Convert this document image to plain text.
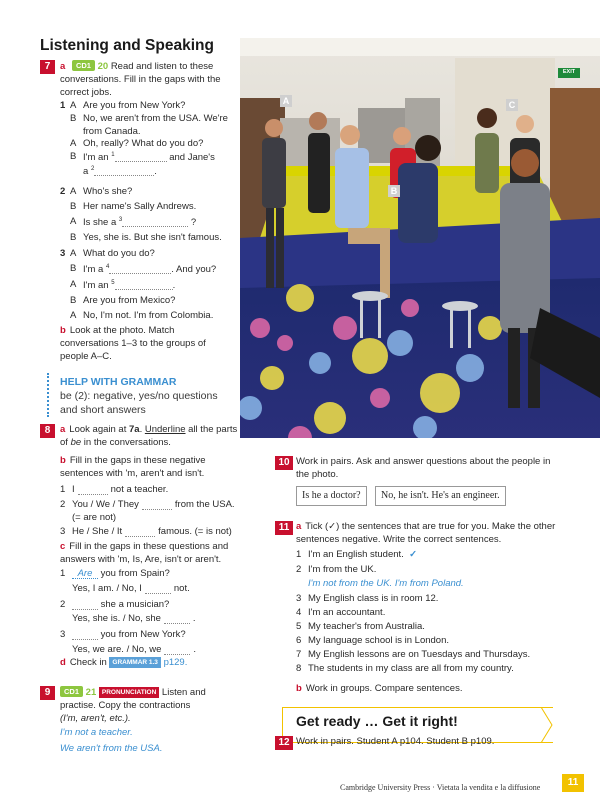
Listening and Speaking
7	a CD1 20 Read and listen to these conversations. Fill in the gaps with the correct jobs.
1 A Are you from New York?
B No, we aren't from the USA. We're from Canada.
A Oh, really? What do you do?
B I'm an $^1$	and Jane's
a $^2$	.
2 A Who's she?
B Her name's Sally Andrews.
A Is she a $^3$	?
B Yes, she is. But she isn't famous.
3 A What do you do?
B I'm a $^4$	. And you?
A I'm an $^5$	.
B Are you from Mexico?
A No, I'm not. I'm from Colombia.
b Look at the photo. Match conversations 1–3 to the groups of people A–C.
HELP WITH GRAMMAR
be (2): negative, yes/no questions
and short answers
8	a Look again at 7a. Underline all the parts of be in the conversations.
b Fill in the gaps in these negative sentences with 'm, aren't and isn't.
1 I	not a teacher.
2 You / We / They	from the USA.
(= are not)
3 He / She / It	famous. (= is not)
c Fill in the gaps in these questions and answers with 'm, Is, Are, isn't or aren't.
1	Are
you from Spain?
Yes, I am. / No, I	not.
2
	she a musician?
Yes, she is. / No, she	.
3
	you from New York?
Yes, we are. / No, we	.
d Check in GRAMMAR 1.3 p129.
9	CD1 21 PRONUNCIATION Listen and
practise. Copy the contractions
(I'm, aren't, etc.).
I'm not a teacher.
We aren't from the USA.
A
B
C
EXIT
10 Work in pairs. Ask and answer questions about the people in the photo.
Is he a doctor?	No, he isn't. He's an engineer.
11 a Tick (✓) the sentences that are true for you. Make the other sentences negative. Write the correct sentences.
1 I'm an English student.
✓
2 I'm from the UK.
I'm not from the UK. I'm from Poland.
3 My English class is in room 12.
4 I'm an accountant.
5 My teacher's from Australia.
6 My language school is in London.
7 My English lessons are on Tuesdays and Thursdays.
8 The students in my class are all from my country.
b Work in groups. Compare sentences.
Get ready … Get it right!
12 Work in pairs. Student A p104. Student B p109.
Cambridge University Press · Vietata la vendita e la diffusione	11
